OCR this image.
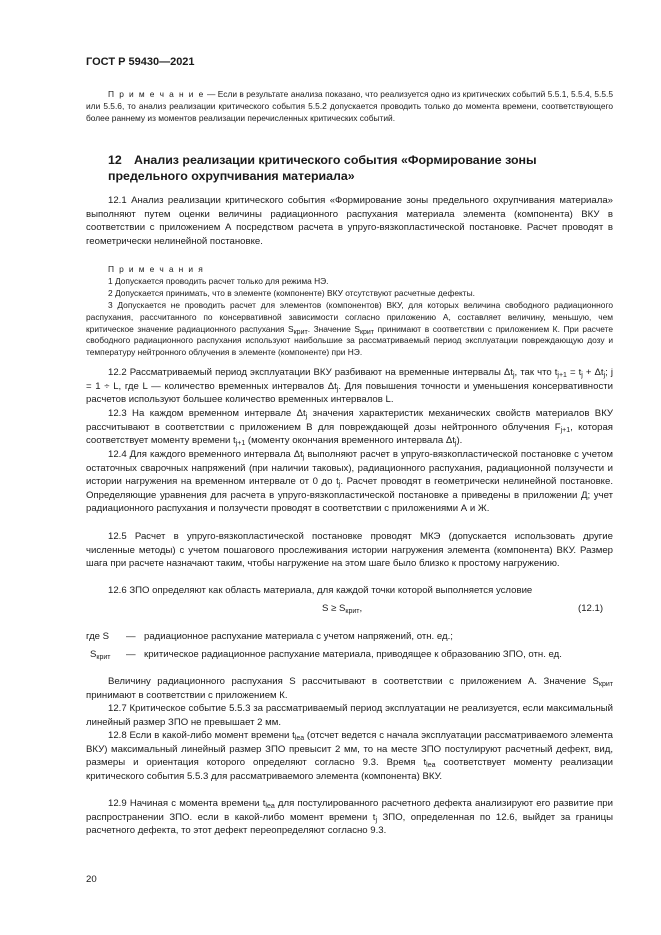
ГОСТ Р 59430—2021

П р и м е ч а н и е — Если в результате анализа показано, что реализуется одно из критических событий 5.5.1, 5.5.4, 5.5.5 или 5.5.6, то анализ реализации критического события 5.5.2 допускается проводить только до момента времени, соответствующего более раннему из моментов реализации перечисленных критических событий.

12 Анализ реализации критического события «Формирование зоны предельного охрупчивания материала»

12.1 Анализ реализации критического события «Формирование зоны предельного охрупчивания материала» выполняют путем оценки величины радиационного распухания материала элемента (компонента) ВКУ в соответствии с приложением А посредством расчета в упруго-вязкопластической постановке. Расчет проводят в геометрически нелинейной постановке.

П р и м е ч а н и я
1 Допускается проводить расчет только для режима НЭ.
2 Допускается принимать, что в элементе (компоненте) ВКУ отсутствуют расчетные дефекты.
3 Допускается не проводить расчет для элементов (компонентов) ВКУ, для которых величина свободного радиационного распухания, рассчитанного по консервативной зависимости согласно приложению А, составляет величину, меньшую, чем критическое значение радиационного распухания $S_{крит}$. Значение $S_{крит}$ принимают в соответствии с приложением К. При расчете свободного радиационного распухания используют наибольшие за рассматриваемый период эксплуатации повреждающую дозу и температуру нейтронного облучения в элементе (компоненте) при НЭ.

12.2 Рассматриваемый период эксплуатации ВКУ разбивают на временные интервалы $\Delta t_j$, так что $t_{j+1} = t_j + \Delta t_j$; j = 1 ÷ L, где L — количество временных интервалов $\Delta t_j$. Для повышения точности и уменьшения консервативности расчетов используют большее количество временных интервалов L.

12.3 На каждом временном интервале $\Delta t_j$ значения характеристик механических свойств материалов ВКУ рассчитывают в соответствии с приложением В для повреждающей дозы нейтронного облучения $F_{j+1}$, которая соответствует моменту времени $t_{j+1}$ (моменту окончания временного интервала $\Delta t_j$).

12.4 Для каждого временного интервала $\Delta t_j$ выполняют расчет в упруго-вязкопластической постановке с учетом остаточных сварочных напряжений (при наличии таковых), радиационного распухания, радиационной ползучести и истории нагружения на временном интервале от 0 до $t_j$. Расчет проводят в геометрически нелинейной постановке. Определяющие уравнения для расчета в упруго-вязкопластической постановке а приведены в приложении Д; учет радиационного распухания и ползучести проводят в соответствии с приложениями А и Ж.

12.5 Расчет в упруго-вязкопластической постановке проводят МКЭ (допускается использовать другие численные методы) с учетом пошагового прослеживания истории нагружения элемента (компонента) ВКУ. Размер шага при расчете назначают таким, чтобы нагружение на этом шаге было близко к простому нагружению.

12.6 ЗПО определяют как область материала, для каждой точки которой выполняется условие

$S \ge S_{крит}$,	(12.1)
где S	— радиационное распухание материала с учетом напряжений, отн. ед.;
$S_{крит}$	— критическое радиационное распухание материала, приводящее к образованию ЗПО, отн. ед.

Величину радиационного распухания S рассчитывают в соответствии с приложением А. Значение $S_{крит}$ принимают в соответствии с приложением К.

12.7 Критическое событие 5.5.3 за рассматриваемый период эксплуатации не реализуется, если максимальный линейный размер ЗПО не превышает 2 мм.

12.8 Если в какой-либо момент времени $t_{lea}$ (отсчет ведется с начала эксплуатации рассматриваемого элемента ВКУ) максимальный линейный размер ЗПО превысит 2 мм, то на месте ЗПО постулируют расчетный дефект, вид, размеры и ориентация которого определяют согласно 9.3. Время $t_{lea}$ соответствует моменту реализации критического события 5.5.3 для рассматриваемого элемента (компонента) ВКУ.

12.9 Начиная с момента времени $t_{lea}$ для постулированного расчетного дефекта анализируют его развитие при распространении ЗПО. если в какой-либо момент времени $t_j$ ЗПО, определенная по 12.6, выйдет за границы расчетного дефекта, то этот дефект переопределяют согласно 9.3.

20
